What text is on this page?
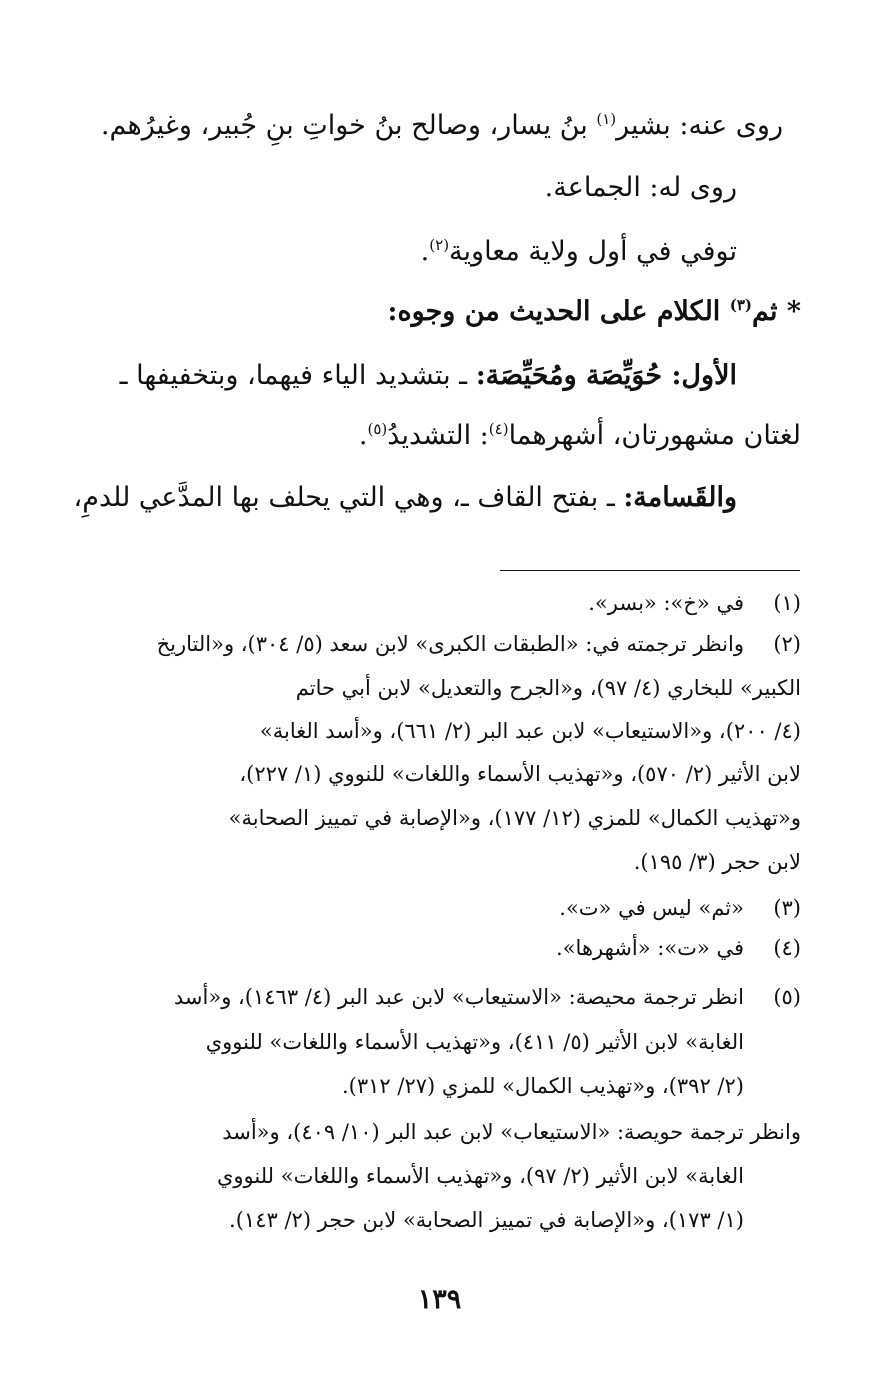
روى عنه: بشير$^{(١)}$ بنُ يسار، وصالح بنُ خواتِ بنِ جُبير، وغيرُهم.
روى له: الجماعة.
توفي في أول ولاية معاوية$^{(٢)}$.
* ثم$^{(٣)}$ الكلام على الحديث من وجوه:
الأول: حُوَيِّصَة ومُحَيِّصَة: ـ بتشديد الياء فيهما، وبتخفيفها ـ
لغتان مشهورتان، أشهرهما$^{(٤)}$: التشديدُ$^{(٥)}$.
والقَسامة: ـ بفتح القاف ـ، وهي التي يحلف بها المدَّعي للدمِ،
(١)
في «خ»: «بسر».
(٢)
وانظر ترجمته في: «الطبقات الكبرى» لابن سعد (٥/ ٣٠٤)، و«التاريخ
الكبير» للبخاري (٤/ ٩٧)، و«الجرح والتعديل» لابن أبي حاتم
(٤/ ٢٠٠)، و«الاستيعاب» لابن عبد البر (٢/ ٦٦١)، و«أسد الغابة»
لابن الأثير (٢/ ٥٧٠)، و«تهذيب الأسماء واللغات» للنووي (١/ ٢٢٧)،
و«تهذيب الكمال» للمزي (١٢/ ١٧٧)، و«الإصابة في تمييز الصحابة»
لابن حجر (٣/ ١٩٥).
(٣)
«ثم» ليس في «ت».
(٤)
في «ت»: «أشهرها».
(٥)
انظر ترجمة محيصة: «الاستيعاب» لابن عبد البر (٤/ ١٤٦٣)، و«أسد
الغابة» لابن الأثير (٥/ ٤١١)، و«تهذيب الأسماء واللغات» للنووي
(٢/ ٣٩٢)، و«تهذيب الكمال» للمزي (٢٧/ ٣١٢).
وانظر ترجمة حويصة: «الاستيعاب» لابن عبد البر (١٠/ ٤٠٩)، و«أسد
الغابة» لابن الأثير (٢/ ٩٧)، و«تهذيب الأسماء واللغات» للنووي
(١/ ١٧٣)، و«الإصابة في تمييز الصحابة» لابن حجر (٢/ ١٤٣).
١٣٩
